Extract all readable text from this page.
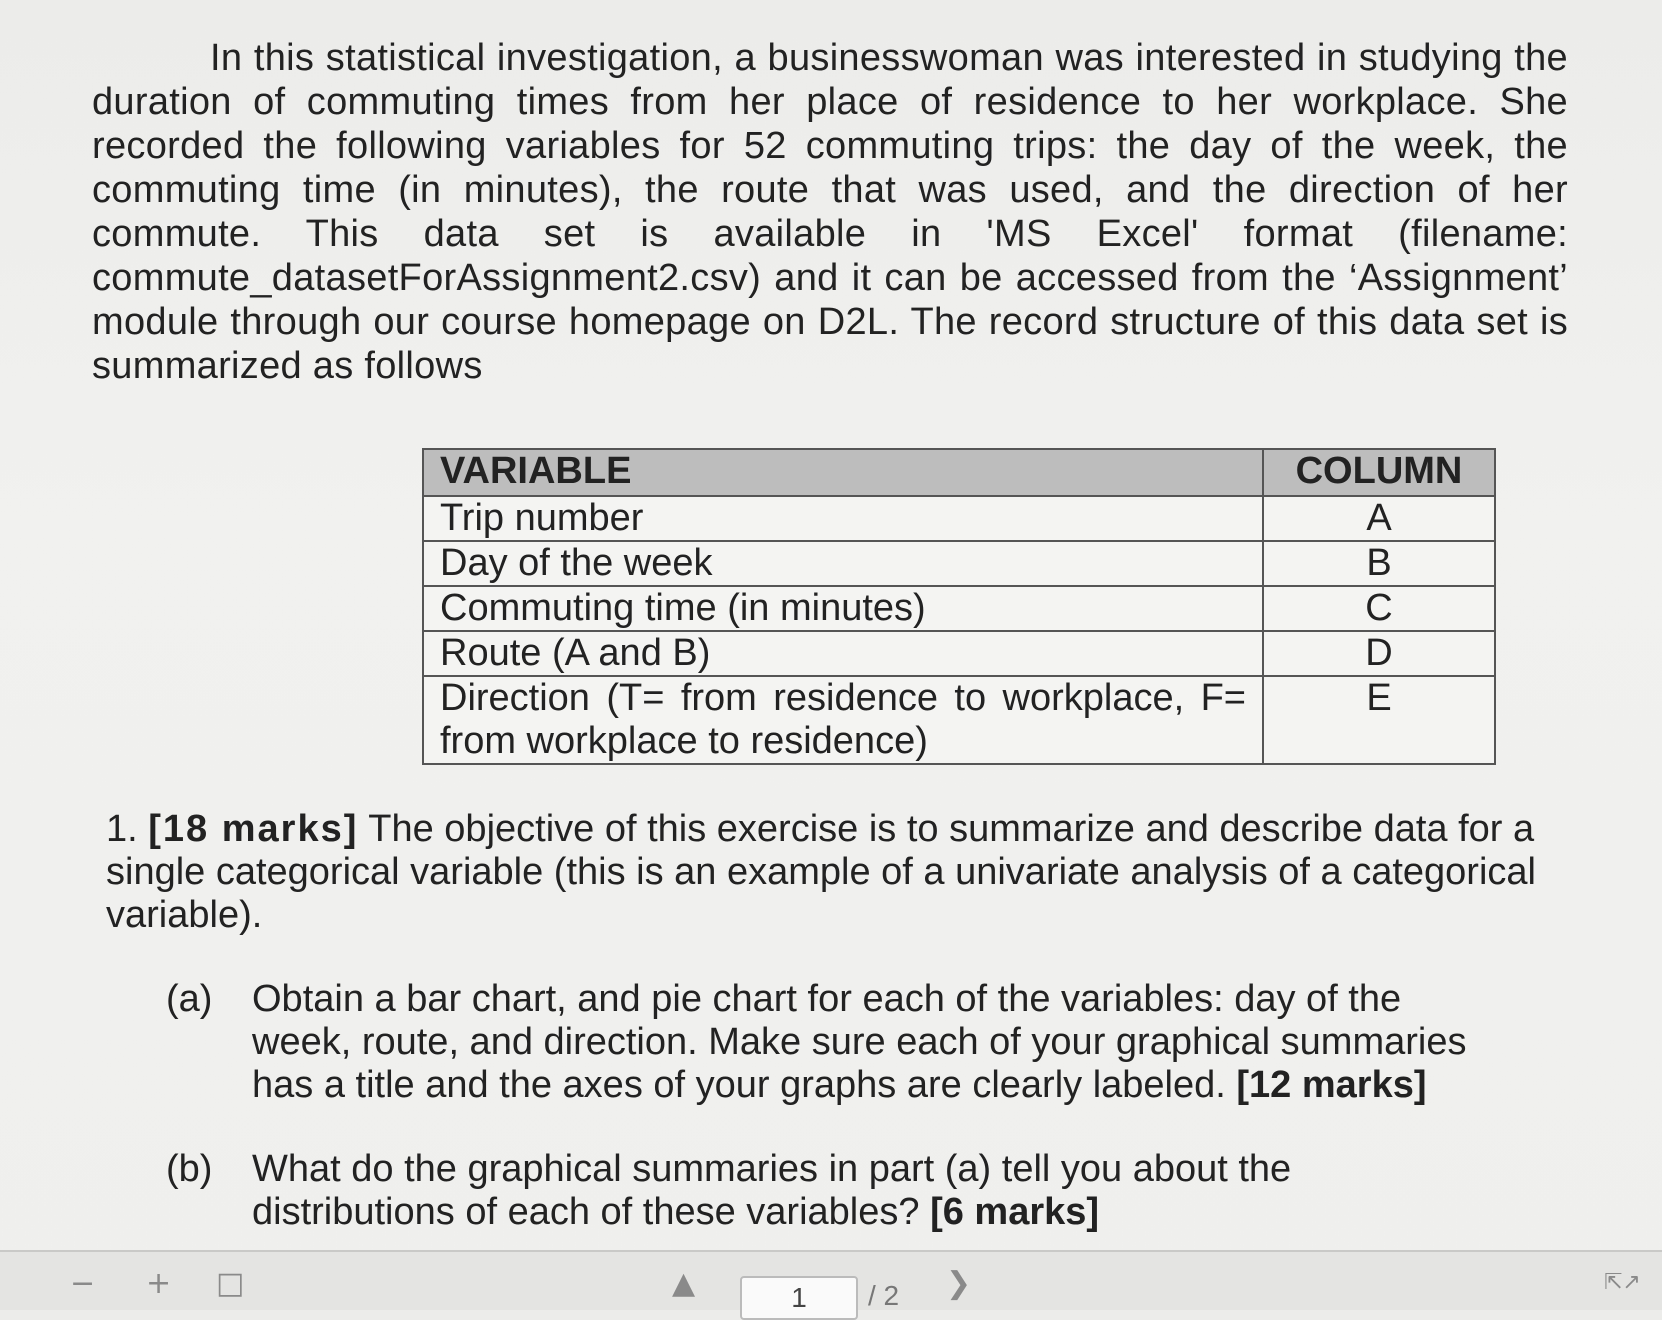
In this statistical investigation, a businesswoman was interested in studying the duration of commuting times from her place of residence to her workplace. She recorded the following variables for 52 commuting trips: the day of the week, the commuting time (in minutes), the route that was used, and the direction of her commute. This data set is available in 'MS Excel' format (filename: commute_datasetForAssignment2.csv) and it can be accessed from the ‘Assignment’ module through our course homepage on D2L. The record structure of this data set is summarized as follows

VARIABLE	COLUMN
Trip number	A
Day of the week	B
Commuting time (in minutes)	C
Route (A and B)	D
Direction (T= from residence to workplace, F= from workplace to residence)	E

1. [18 marks] The objective of this exercise is to summarize and describe data for a single categorical variable (this is an example of a univariate analysis of a categorical variable).

(a) Obtain a bar chart, and pie chart for each of the variables: day of the week, route, and direction. Make sure each of your graphical summaries has a title and the axes of your graphs are clearly labeled. [12 marks]
(b) What do the graphical summaries in part (a) tell you about the distributions of each of these variables? [6 marks]
− + □	▲	1	/ 2 ❯	⇱↗
